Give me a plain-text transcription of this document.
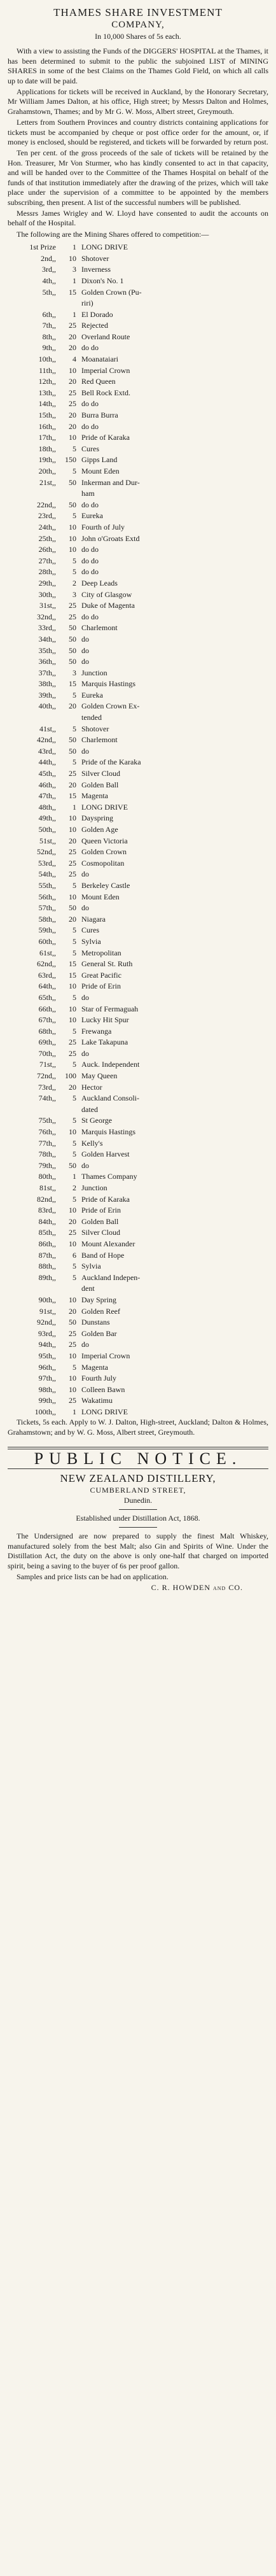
THAMES SHARE INVESTMENT
COMPANY,
In 10,000 Shares of 5s each.

With a view to assisting the Funds of the DIGGERS' HOSPITAL at the Thames, it has been determined to submit to the public the subjoined LIST of MINING SHARES in some of the best Claims on the Thames Gold Field, on which all calls up to date will be paid.

Applications for tickets will be received in Auckland, by the Honorary Secretary, Mr William James Dalton, at his office, High street; by Messrs Dalton and Holmes, Grahamstown, Thames; and by Mr G. W. Moss, Albert street, Greymouth.

Letters from Southern Provinces and country districts containing applications for tickets must be accompanied by cheque or post office order for the amount, or, if money is enclosed, should be registered, and tickets will be forwarded by return post.

Ten per cent. of the gross proceeds of the sale of tickets will be retained by the Hon. Treasurer, Mr Von Sturmer, who has kindly consented to act in that capacity, and will be handed over to the Committee of the Thames Hospital on behalf of the funds of that institution immediately after the drawing of the prizes, which will take place under the supervision of a committee to be appointed by the members subscribing, then present. A list of the successful numbers will be published.

Messrs James Wrigley and W. Lloyd have consented to audit the accounts on behalf of the Hospital.

The following are the Mining Shares offered to competition:—

1st Prize	1 LONG DRIVE
2nd,,	10 Shotover
3rd,,	3 Inverness
4th,,	1 Dixon's No. 1
5th,,	15 Golden Crown (Pu-
riri)
6th,,	1 El Dorado
7th,,	25 Rejected
8th,,	20 Overland Route
9th,,	20 do do
10th,,	4 Moanataiari
11th,,	10 Imperial Crown
12th,,	20 Red Queen
13th,,	25 Bell Rock Extd.
14th,,	25 do do
15th,,	20 Burra Burra
16th,,	20 do do
17th,,	10 Pride of Karaka
18th,,	5 Cures
19th,,	150 Gipps Land
20th,,	5 Mount Eden
21st,,	50 Inkerman and Dur-
ham
22nd,,	50 do do
23rd,,	5 Eureka
24th,,	10 Fourth of July
25th,,	10 John o'Groats Extd
26th,,	10 do do
27th,,	5 do do
28th,,	5 do do
29th,,	2 Deep Leads
30th,,	3 City of Glasgow
31st,,	25 Duke of Magenta
32nd,,	25 do do
33rd,,	50 Charlemont
34th,,	50 do
35th,,	50 do
36th,,	50 do
37th,,	3 Junction
38th,,	15 Marquis Hastings
39th,,	5 Eureka
40th,,	20 Golden Crown Ex-
tended
41st,,	5 Shotover
42nd,,	50 Charlemont
43rd,,	50 do
44th,,	5 Pride of the Karaka
45th,,	25 Silver Cloud
46th,,	20 Golden Ball
47th,,	15 Magenta
48th,,	1 LONG DRIVE
49th,,	10 Dayspring
50th,,	10 Golden Age
51st,,	20 Queen Victoria
52nd,,	25 Golden Crown
53rd,,	25 Cosmopolitan
54th,,	25 do
55th,,	5 Berkeley Castle
56th,,	10 Mount Eden
57th,,	50 do
58th,,	20 Niagara
59th,,	5 Cures
60th,,	5 Sylvia
61st,,	5 Metropolitan
62nd,,	15 General St. Ruth
63rd,,	15 Great Pacific
64th,,	10 Pride of Erin
65th,,	5 do
66th,,	10 Star of Fermaguah
67th,,	10 Lucky Hit Spur
68th,,	5 Frewanga
69th,,	25 Lake Takapuna
70th,,	25 do
71st,,	5 Auck. Independent
72nd,,	100 May Queen
73rd,,	20 Hector
74th,,	5 Auckland Consoli-
dated
75th,,	5 St George
76th,,	10 Marquis Hastings
77th,,	5 Kelly's
78th,,	5 Golden Harvest
79th,,	50 do
80th,,	1 Thames Company
81st,,	2 Junction
82nd,,	5 Pride of Karaka
83rd,,	10 Pride of Erin
84th,,	20 Golden Ball
85th,,	25 Silver Cloud
86th,,	10 Mount Alexander
87th,,	6 Band of Hope
88th,,	5 Sylvia
89th,,	5 Auckland Indepen-
dent
90th,,	10 Day Spring
91st,,	20 Golden Reef
92nd,,	50 Dunstans
93rd,,	25 Golden Bar
94th,,	25 do
95th,,	10 Imperial Crown
96th,,	5 Magenta
97th,,	10 Fourth July
98th,,	10 Colleen Bawn
99th,,	25 Wakatimu
100th,,	1 LONG DRIVE

Tickets, 5s each. Apply to W. J. Dalton, High-street, Auckland; Dalton & Holmes, Grahamstown; and by W. G. Moss, Albert street, Greymouth.

PUBLIC NOTICE.
NEW ZEALAND DISTILLERY,
CUMBERLAND STREET,
Dunedin.
Established under Distillation Act, 1868.

The Undersigned are now prepared to supply the finest Malt Whiskey, manufactured solely from the best Malt; also Gin and Spirits of Wine. Under the Distillation Act, the duty on the above is only one-half that charged on imported spirit, being a saving to the buyer of 6s per proof gallon.

Samples and price lists can be had on application.

C. R. HOWDEN and CO.
